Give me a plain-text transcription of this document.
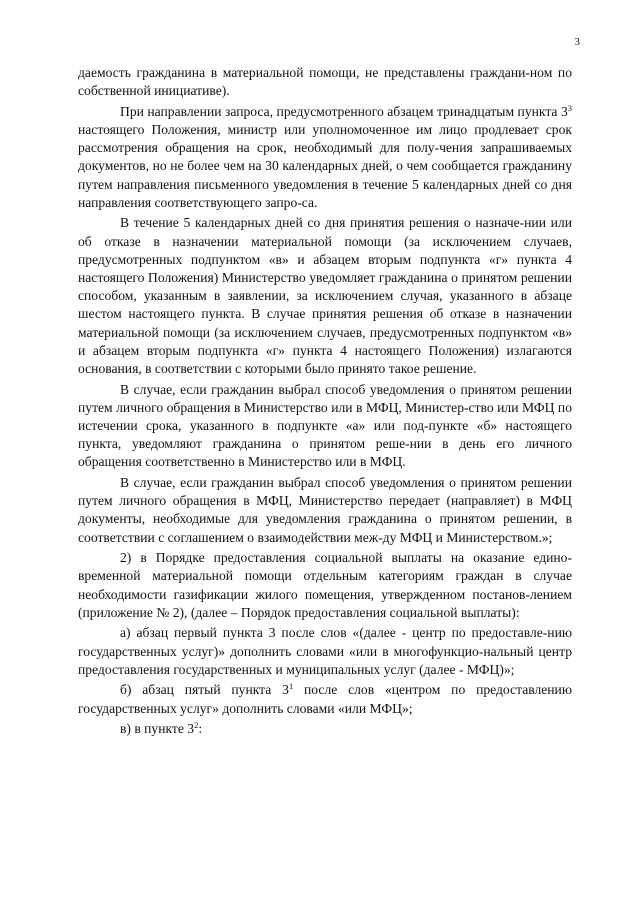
3

даемость гражданина в материальной помощи, не представлены граждани-ном по собственной инициативе).

При направлении запроса, предусмотренного абзацем тринадцатым пункта $3^3$ настоящего Положения, министр или уполномоченное им лицо продлевает срок рассмотрения обращения на срок, необходимый для полу-чения запрашиваемых документов, но не более чем на 30 календарных дней, о чем сообщается гражданину путем направления письменного уведомления в течение 5 календарных дней со дня направления соответствующего запро-са.

В течение 5 календарных дней со дня принятия решения о назначе-нии или об отказе в назначении материальной помощи (за исключением случаев, предусмотренных подпунктом «в» и абзацем вторым подпункта «г» пункта 4 настоящего Положения) Министерство уведомляет гражданина о принятом решении способом, указанным в заявлении, за исключением случая, указанного в абзаце шестом настоящего пункта. В случае принятия решения об отказе в назначении материальной помощи (за исключением случаев, предусмотренных подпунктом «в» и абзацем вторым подпункта «г» пункта 4 настоящего Положения) излагаются основания, в соответствии с которыми было принято такое решение.

В случае, если гражданин выбрал способ уведомления о принятом решении путем личного обращения в Министерство или в МФЦ, Министер-ство или МФЦ по истечении срока, указанного в подпункте «а» или под-пункте «б» настоящего пункта, уведомляют гражданина о принятом реше-нии в день его личного обращения соответственно в Министерство или в МФЦ.

В случае, если гражданин выбрал способ уведомления о принятом решении путем личного обращения в МФЦ, Министерство передает (направляет) в МФЦ документы, необходимые для уведомления гражданина о принятом решении, в соответствии с соглашением о взаимодействии меж-ду МФЦ и Министерством.»;

2) в Порядке предоставления социальной выплаты на оказание едино-временной материальной помощи отдельным категориям граждан в случае необходимости газификации жилого помещения, утвержденном постанов-лением (приложение № 2), (далее – Порядок предоставления социальной выплаты):

а) абзац первый пункта 3 после слов «(далее - центр по предоставле-нию государственных услуг)» дополнить словами «или в многофункцио-нальный центр предоставления государственных и муниципальных услуг (далее - МФЦ)»;

б) абзац пятый пункта $3^1$ после слов «центром по предоставлению государственных услуг» дополнить словами «или МФЦ»;

в) в пункте $3^2$:
